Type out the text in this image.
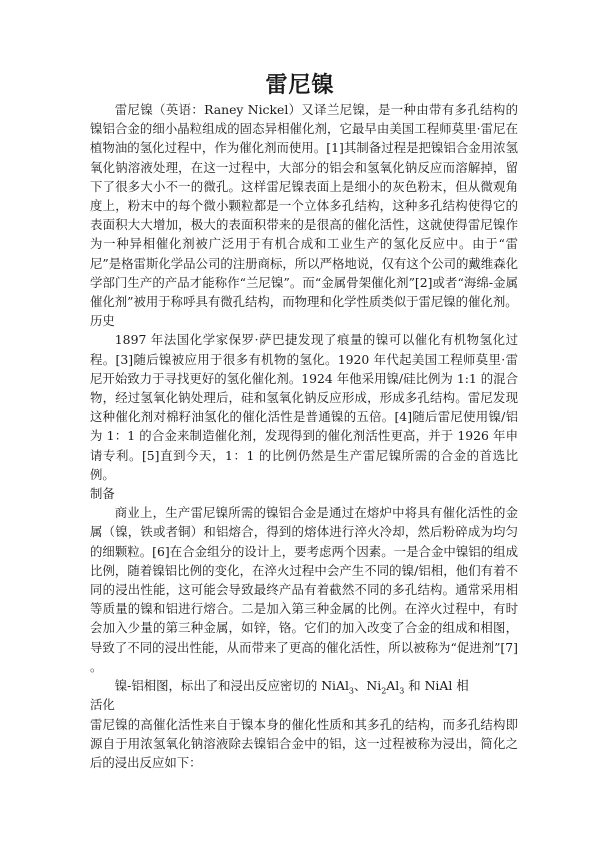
雷尼镍

雷尼镍（英语：Raney Nickel）又译兰尼镍，是一种由带有多孔结构的镍铝合金的细小晶粒组成的固态异相催化剂，它最早由美国工程师莫里·雷尼在植物油的氢化过程中，作为催化剂而使用。[1]其制备过程是把镍铝合金用浓氢氧化钠溶液处理，在这一过程中，大部分的铝会和氢氧化钠反应而溶解掉，留下了很多大小不一的微孔。这样雷尼镍表面上是细小的灰色粉末，但从微观角度上，粉末中的每个微小颗粒都是一个立体多孔结构，这种多孔结构使得它的表面积大大增加，极大的表面积带来的是很高的催化活性，这就使得雷尼镍作为一种异相催化剂被广泛用于有机合成和工业生产的氢化反应中。由于“雷尼”是格雷斯化学品公司的注册商标，所以严格地说，仅有这个公司的戴维森化学部门生产的产品才能称作“兰尼镍”。而“金属骨架催化剂”[2]或者“海绵-金属催化剂”被用于称呼具有微孔结构，而物理和化学性质类似于雷尼镍的催化剂。

历史

1897 年法国化学家保罗·萨巴捷发现了痕量的镍可以催化有机物氢化过程。[3]随后镍被应用于很多有机物的氢化。1920 年代起美国工程师莫里·雷尼开始致力于寻找更好的氢化催化剂。1924 年他采用镍/硅比例为 1:1 的混合物，经过氢氧化钠处理后，硅和氢氧化钠反应形成，形成多孔结构。雷尼发现这种催化剂对棉籽油氢化的催化活性是普通镍的五倍。[4]随后雷尼使用镍/铝为 1：1 的合金来制造催化剂，发现得到的催化剂活性更高，并于 1926 年申请专利。[5]直到今天，1：1 的比例仍然是生产雷尼镍所需的合金的首选比例。

制备

商业上，生产雷尼镍所需的镍铝合金是通过在熔炉中将具有催化活性的金属（镍，铁或者铜）和铝熔合，得到的熔体进行淬火冷却，然后粉碎成为均匀的细颗粒。[6]在合金组分的设计上，要考虑两个因素。一是合金中镍铝的组成比例，随着镍铝比例的变化，在淬火过程中会产生不同的镍/铝相，他们有着不同的浸出性能，这可能会导致最终产品有着截然不同的多孔结构。通常采用相等质量的镍和铝进行熔合。二是加入第三种金属的比例。在淬火过程中，有时会加入少量的第三种金属，如锌，铬。它们的加入改变了合金的组成和相图，导致了不同的浸出性能，从而带来了更高的催化活性，所以被称为“促进剂”[7] 。

镍-铝相图，标出了和浸出反应密切的 NiAl$_3$、$Ni_2Al_3$ 和 NiAl 相

活化

雷尼镍的高催化活性来自于镍本身的催化性质和其多孔的结构，而多孔结构即源自于用浓氢氧化钠溶液除去镍铝合金中的铝，这一过程被称为浸出，简化之后的浸出反应如下：
